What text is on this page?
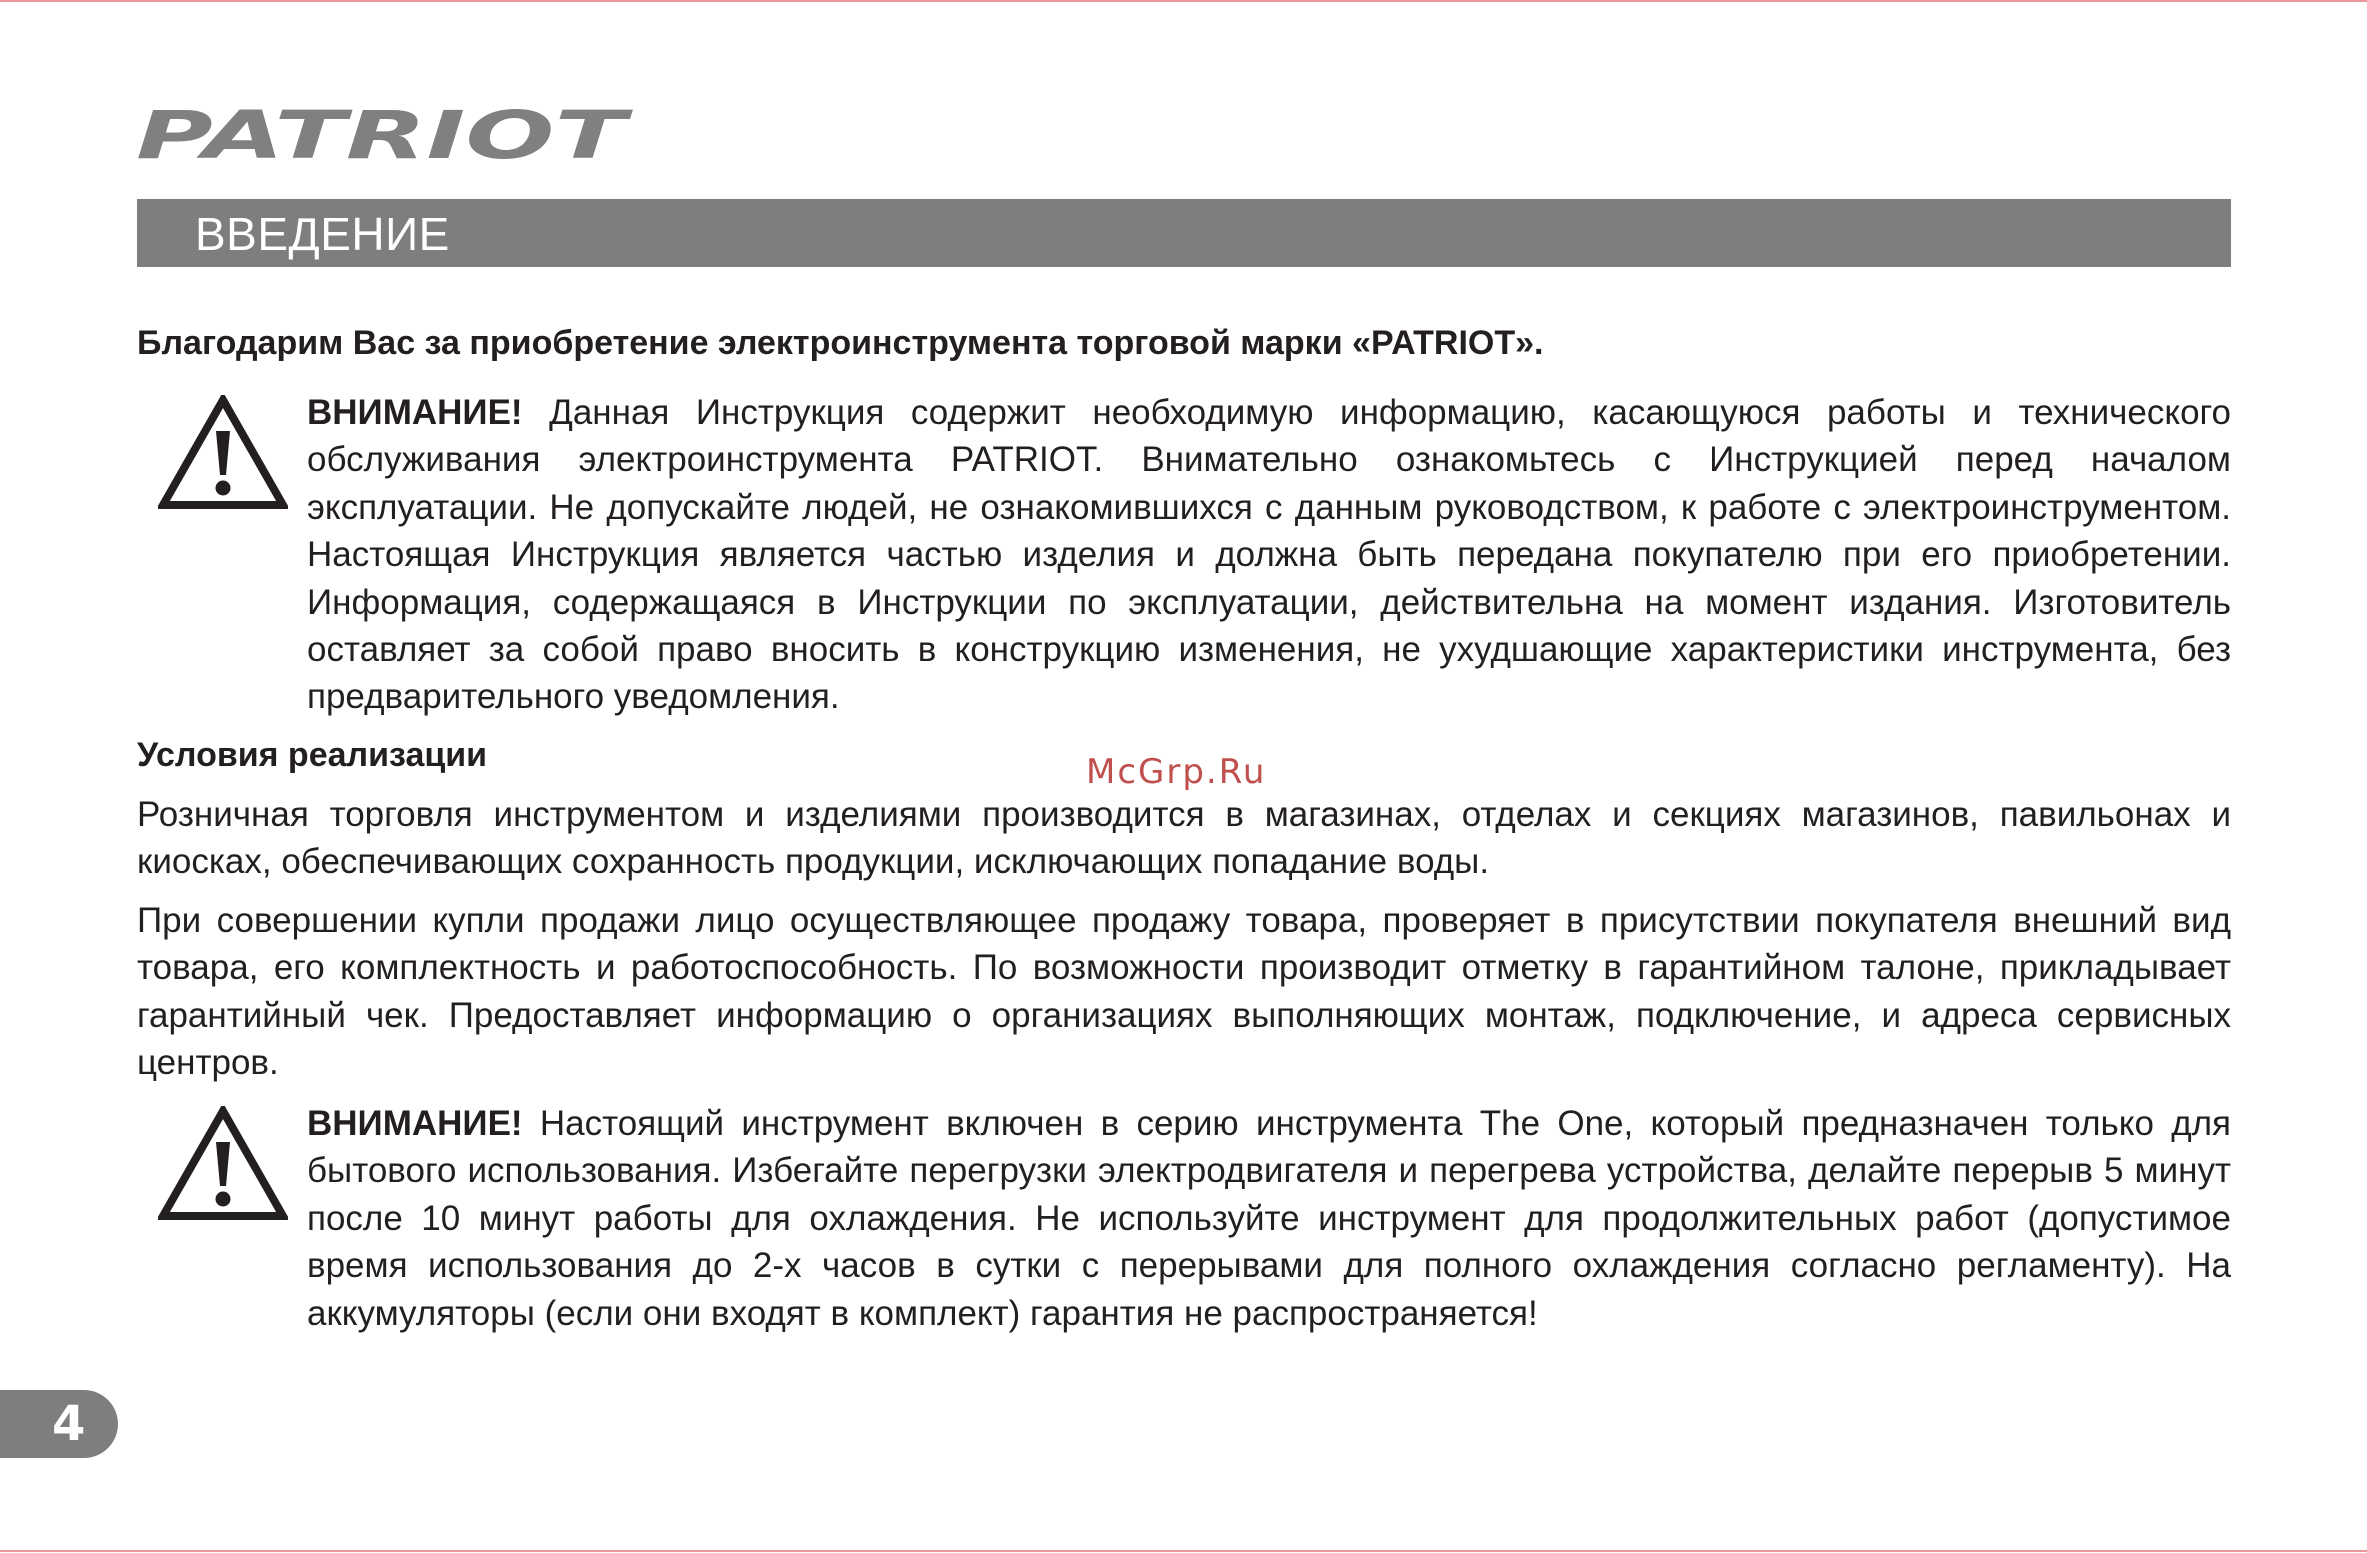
PATRIOT
ВВЕДЕНИЕ
Благодарим Вас за приобретение электроинструмента торговой марки «PATRIOT».
ВНИМАНИЕ! Данная Инструкция содержит необходимую информацию, касающуюся работы и технического обслуживания электроинструмента PATRIOT. Внимательно ознакомьтесь с Инструкцией перед началом эксплуатации. Не допускайте людей, не ознакомившихся с данным руководством, к работе с электроинструментом. Настоящая Инструкция является частью изделия и должна быть передана покупателю при его приобретении. Информация, содержащаяся в Инструкции по эксплуатации, действительна на момент издания. Изготовитель оставляет за собой право вносить в конструкцию изменения, не ухудшающие характеристики инструмента, без предварительного уведомления.
Условия реализации	McGrp.Ru
Розничная торговля инструментом и изделиями производится в магазинах, отделах и секциях магазинов, павильонах и киосках, обеспечивающих сохранность продукции, исключающих попадание воды.
При совершении купли продажи лицо осуществляющее продажу товара, проверяет в присутствии покупателя внешний вид товара, его комплектность и работоспособность. По возможности производит отметку в гарантийном талоне, прикладывает гарантийный чек. Предоставляет информацию о организациях выполняющих монтаж, подключение, и адреса сервисных центров.
ВНИМАНИЕ! Настоящий инструмент включен в серию инструмента The One, который предназначен только для бытового использования. Избегайте перегрузки электродвигателя и перегрева устройства, делайте перерыв 5 минут после 10 минут работы для охлаждения. Не используйте инструмент для продолжительных работ (допустимое время использования до 2-х часов в сутки с перерывами для полного охлаждения согласно регламенту). На аккумуляторы (если они входят в комплект) гарантия не распространяется!
4
